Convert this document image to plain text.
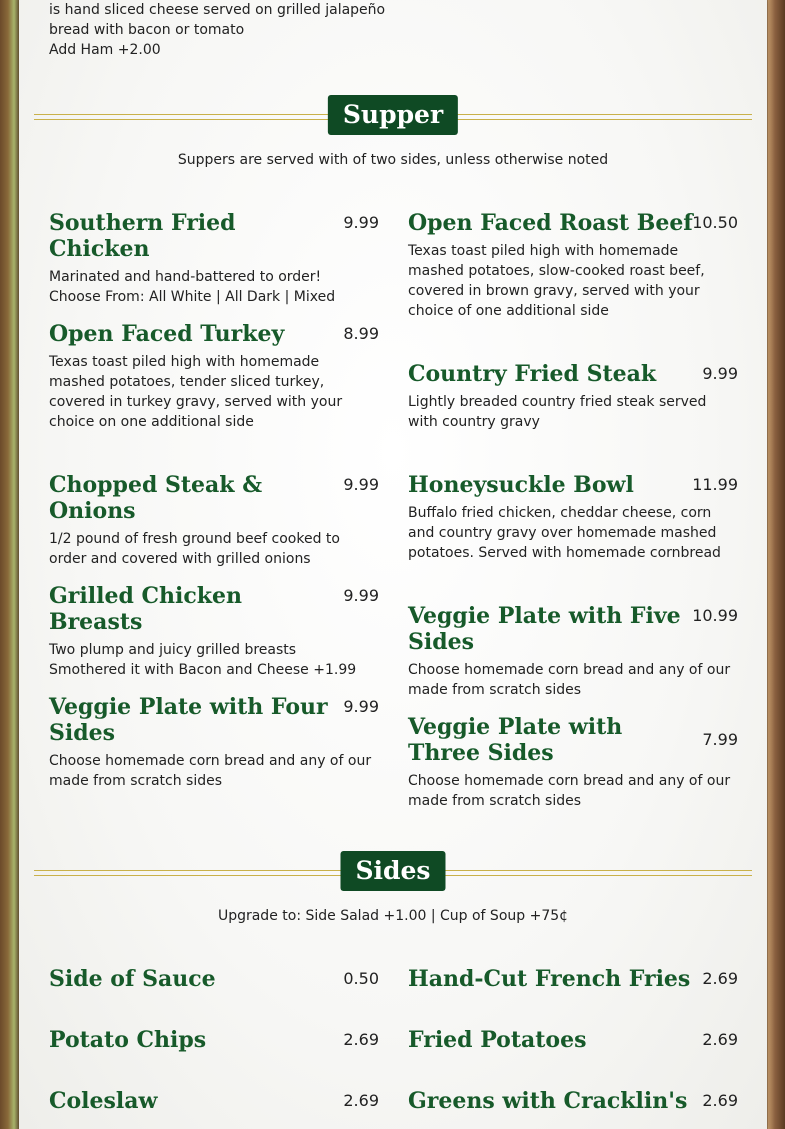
is hand sliced cheese served on grilled jalapeño
bread with bacon or tomato
Add Ham +2.00
Supper
Suppers are served with of two sides, unless otherwise noted
Southern Fried Chicken
9.99
Marinated and hand-battered to order!
Choose From: All White | All Dark | Mixed
Open Faced Roast Beef 10.50
Texas toast piled high with homemade mashed potatoes, slow-cooked roast beef, covered in brown gravy, served with your choice of one additional side
Open Faced Turkey	8.99
Texas toast piled high with homemade mashed potatoes, tender sliced turkey, covered in turkey gravy, served with your choice on one additional side
Country Fried Steak	9.99
Lightly breaded country fried steak served with country gravy
Chopped Steak & Onions
9.99
1/2 pound of fresh ground beef cooked to order and covered with grilled onions
Honeysuckle Bowl	11.99
Buffalo fried chicken, cheddar cheese, corn and country gravy over homemade mashed potatoes. Served with homemade cornbread
Grilled Chicken Breasts
9.99
Two plump and juicy grilled breasts
Smothered it with Bacon and Cheese +1.99
Veggie Plate with Five Sides
10.99
Choose homemade corn bread and any of our made from scratch sides
Veggie Plate with Four Sides
9.99
Choose homemade corn bread and any of our made from scratch sides
Veggie Plate with Three Sides
7.99
Choose homemade corn bread and any of our made from scratch sides
Sides
Upgrade to: Side Salad +1.00 | Cup of Soup +75¢
Side of Sauce	0.50 Hand-Cut French Fries 2.69
Potato Chips	2.69 Fried Potatoes	2.69
Coleslaw	2.69 Greens with Cracklin's 2.69
